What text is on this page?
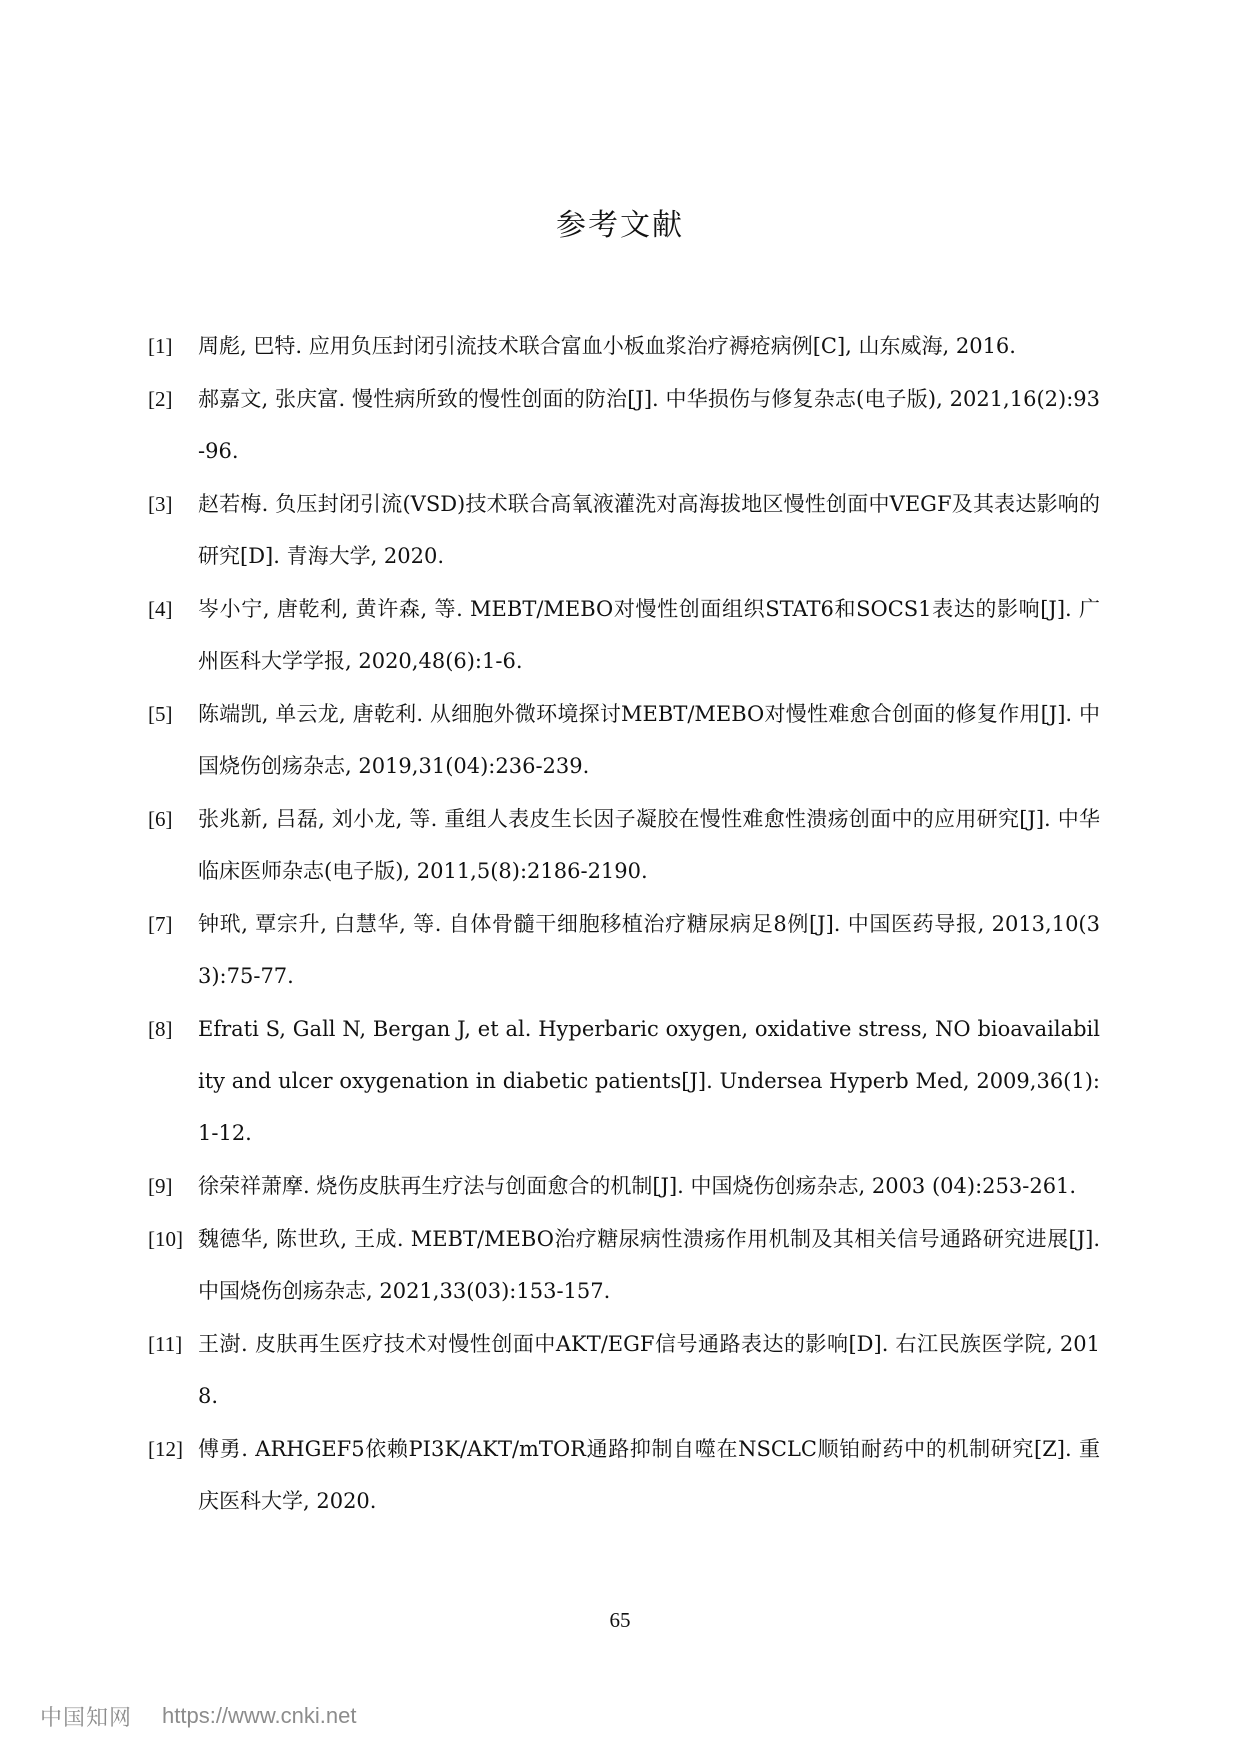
参考文献
[1] 周彪, 巴特. 应用负压封闭引流技术联合富血小板血浆治疗褥疮病例[C], 山东威海, 2016.
[2] 郝嘉文, 张庆富. 慢性病所致的慢性创面的防治[J]. 中华损伤与修复杂志(电子版), 2021,16(2):93-96.
[3] 赵若梅. 负压封闭引流(VSD)技术联合高氧液灌洗对高海拔地区慢性创面中VEGF及其表达影响的研究[D]. 青海大学, 2020.
[4] 岑小宁, 唐乾利, 黄许森, 等. MEBT/MEBO对慢性创面组织STAT6和SOCS1表达的影响[J]. 广州医科大学学报, 2020,48(6):1-6.
[5] 陈端凯, 单云龙, 唐乾利. 从细胞外微环境探讨MEBT/MEBO对慢性难愈合创面的修复作用[J]. 中国烧伤创疡杂志, 2019,31(04):236-239.
[6] 张兆新, 吕磊, 刘小龙, 等. 重组人表皮生长因子凝胶在慢性难愈性溃疡创面中的应用研究[J]. 中华临床医师杂志(电子版), 2011,5(8):2186-2190.
[7] 钟玳, 覃宗升, 白慧华, 等. 自体骨髓干细胞移植治疗糖尿病足8例[J]. 中国医药导报, 2013,10(33):75-77.
[8] Efrati S, Gall N, Bergan J, et al. Hyperbaric oxygen, oxidative stress, NO bioavailability and ulcer oxygenation in diabetic patients[J]. Undersea Hyperb Med, 2009,36(1):1-12.
[9] 徐荣祥萧摩. 烧伤皮肤再生疗法与创面愈合的机制[J]. 中国烧伤创疡杂志, 2003 (04):253-261.
[10] 魏德华, 陈世玖, 王成. MEBT/MEBO治疗糖尿病性溃疡作用机制及其相关信号通路研究进展[J]. 中国烧伤创疡杂志, 2021,33(03):153-157.
[11] 王澍. 皮肤再生医疗技术对慢性创面中AKT/EGF信号通路表达的影响[D]. 右江民族医学院, 2018.
[12] 傅勇. ARHGEF5依赖PI3K/AKT/mTOR通路抑制自噬在NSCLC顺铂耐药中的机制研究[Z]. 重庆医科大学, 2020.
65
中国知网 https://www.cnki.net
